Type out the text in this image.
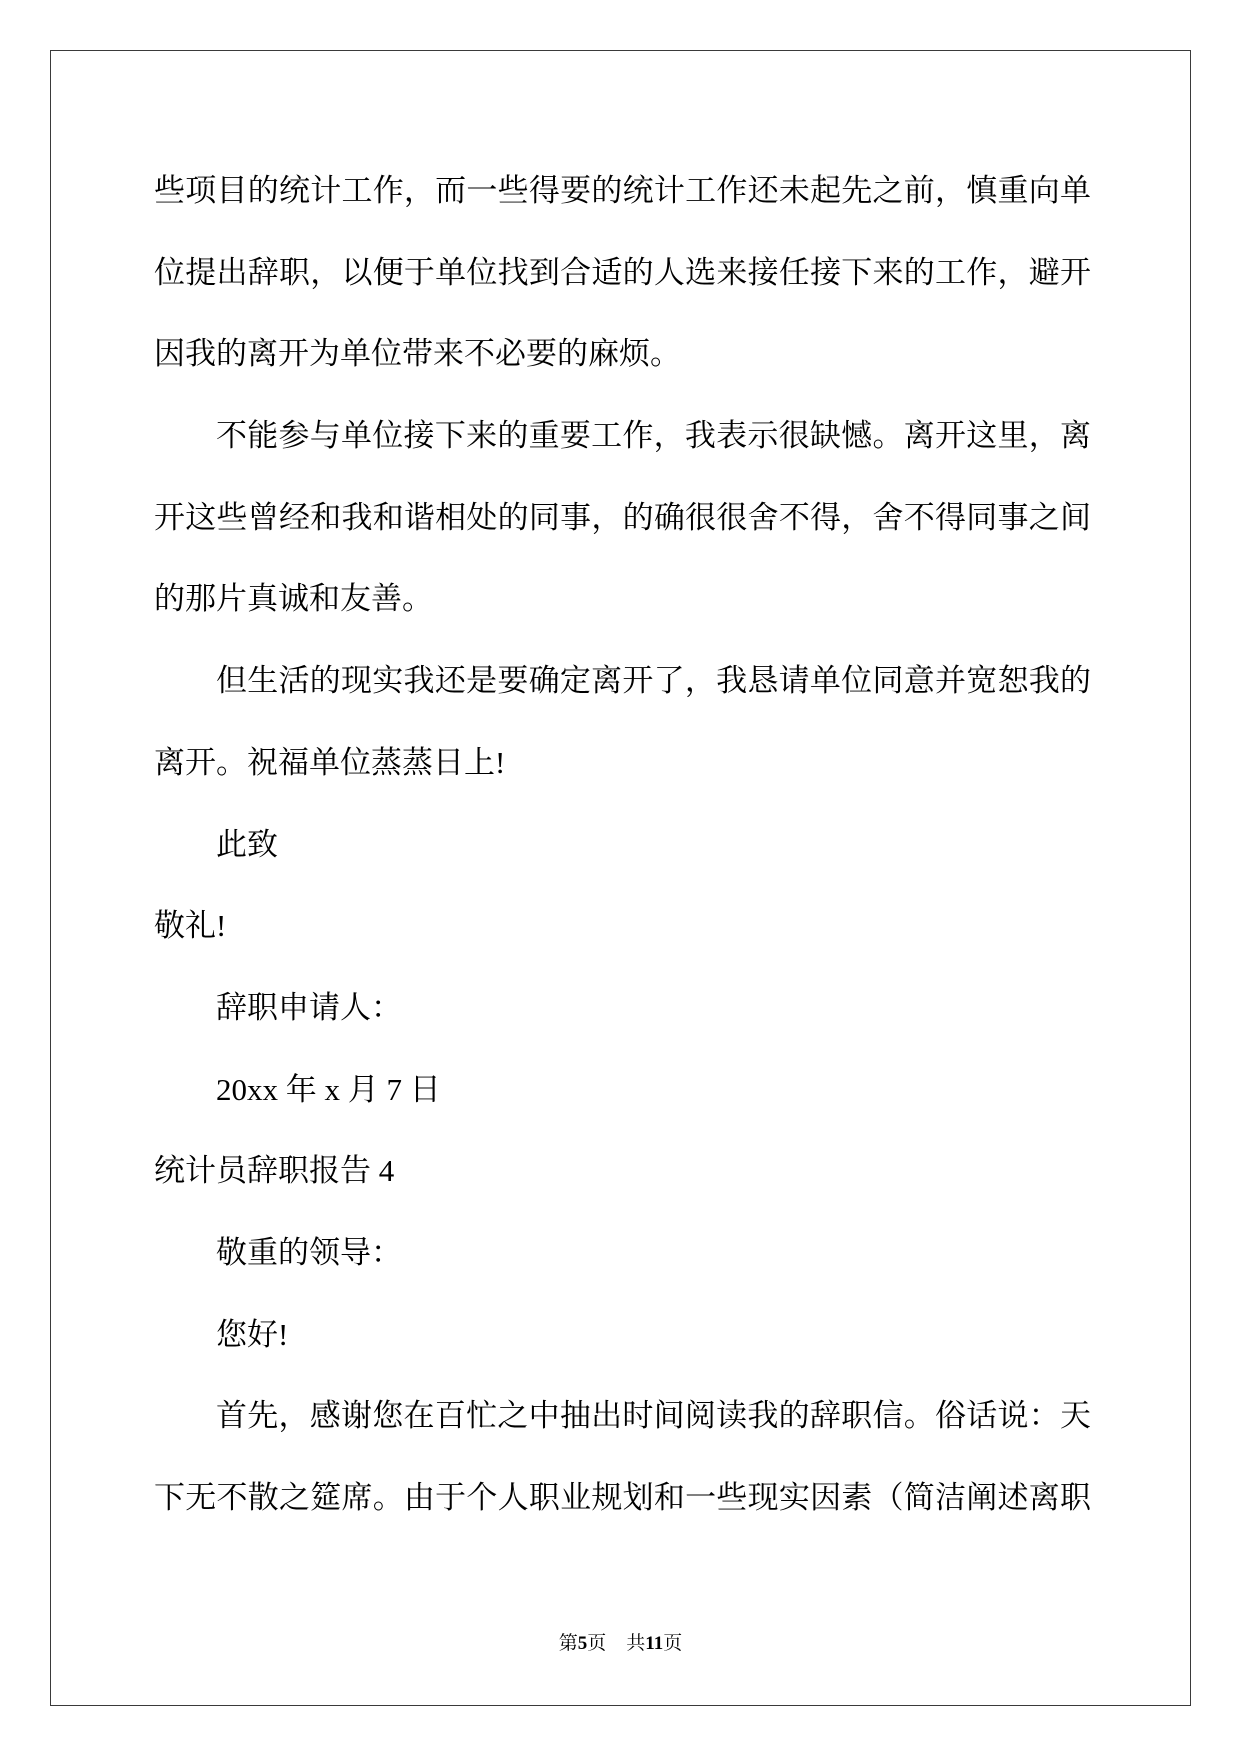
些项目的统计工作，而一些得要的统计工作还未起先之前，慎重向单
位提出辞职，以便于单位找到合适的人选来接任接下来的工作，避开
因我的离开为单位带来不必要的麻烦。
不能参与单位接下来的重要工作，我表示很缺憾。离开这里，离
开这些曾经和我和谐相处的同事，的确很很舍不得，舍不得同事之间
的那片真诚和友善。
但生活的现实我还是要确定离开了，我恳请单位同意并宽恕我的
离开。祝福单位蒸蒸日上!
此致
敬礼!
辞职申请人：
20xx 年 x 月 7 日
统计员辞职报告 4
敬重的领导：
您好!
首先，感谢您在百忙之中抽出时间阅读我的辞职信。俗话说：天
下无不散之筵席。由于个人职业规划和一些现实因素（简洁阐述离职
第5页 共11页
